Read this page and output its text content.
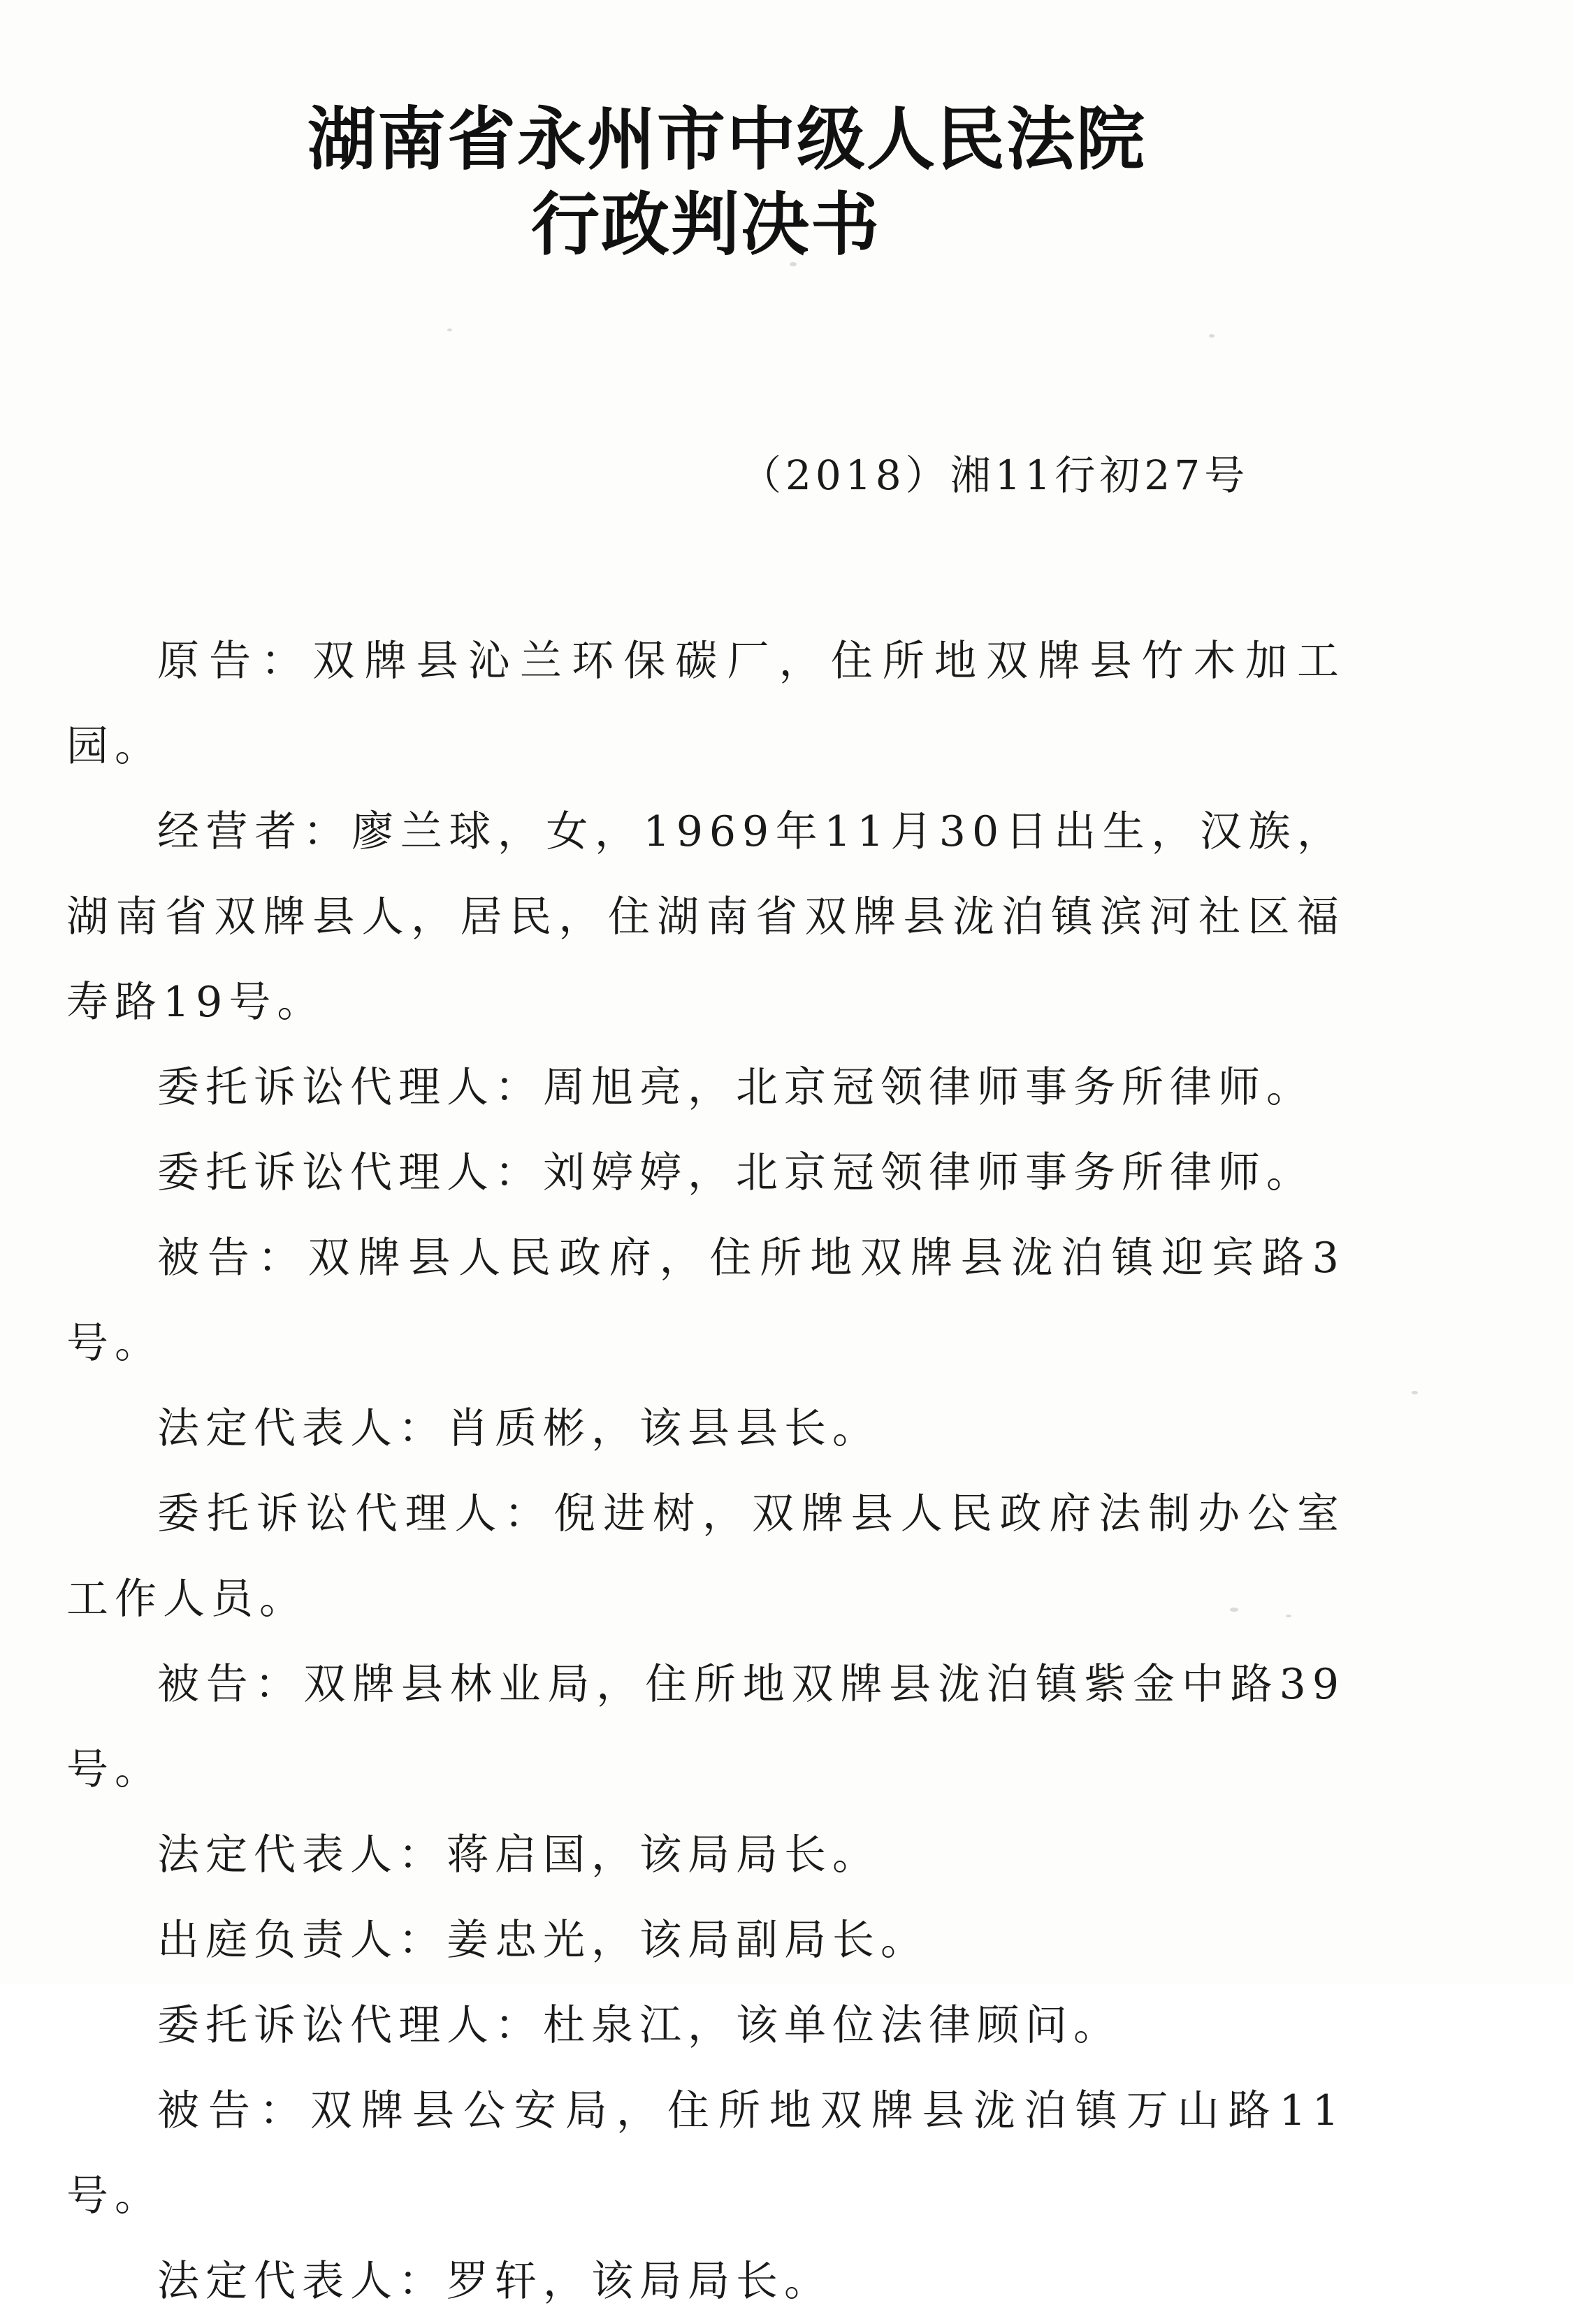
湖南省永州市中级人民法院
行政判决书
（2018）湘11行初27号

原告：双牌县沁兰环保碳厂，住所地双牌县竹木加工园。

经营者：廖兰球，女，1969年11月30日出生，汉族，湖南省双牌县人，居民，住湖南省双牌县泷泊镇滨河社区福寿路19号。

委托诉讼代理人：周旭亮，北京冠领律师事务所律师。

委托诉讼代理人：刘婷婷，北京冠领律师事务所律师。

被告：双牌县人民政府，住所地双牌县泷泊镇迎宾路3号。

法定代表人：肖质彬，该县县长。

委托诉讼代理人：倪进树，双牌县人民政府法制办公室工作人员。

被告：双牌县林业局，住所地双牌县泷泊镇紫金中路39号。

法定代表人：蒋启国，该局局长。

出庭负责人：姜忠光，该局副局长。

委托诉讼代理人：杜泉江，该单位法律顾问。

被告：双牌县公安局，住所地双牌县泷泊镇万山路11号。

法定代表人：罗轩，该局局长。
